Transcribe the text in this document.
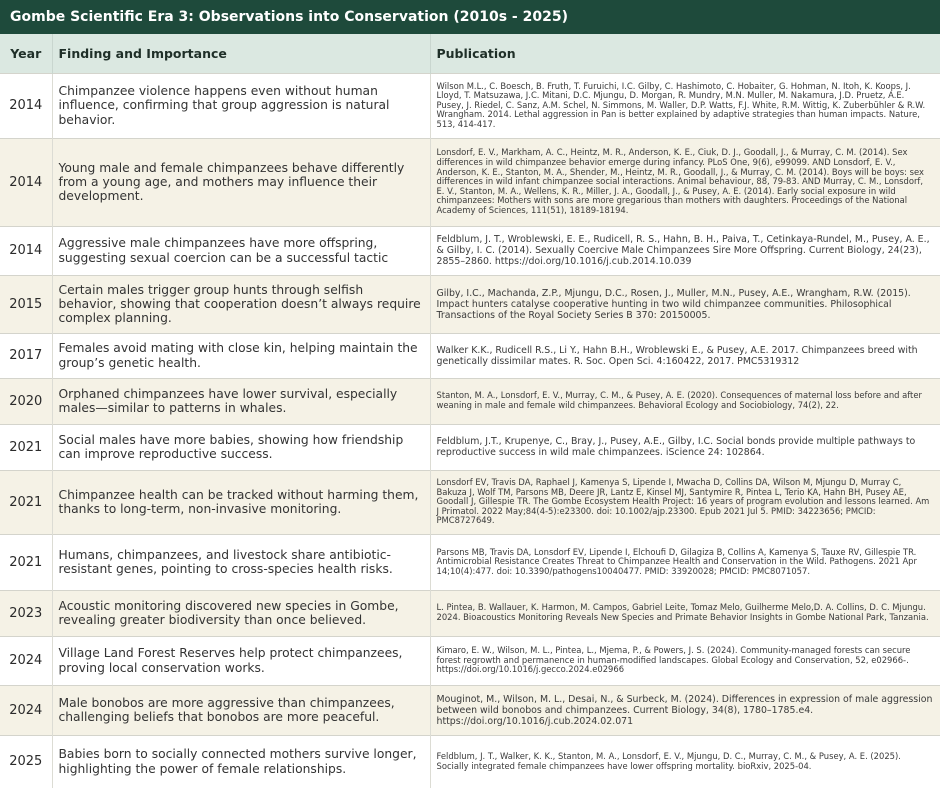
Gombe Scientific Era 3: Observations into Conservation (2010s - 2025)
Year	Finding and Importance	Publication
2014	Chimpanzee violence happens even without human influence, confirming that group aggression is natural behavior.	Wilson M.L., C. Boesch, B. Fruth, T. Furuichi, I.C. Gilby, C. Hashimoto, C. Hobaiter, G. Hohman, N. Itoh, K. Koops, J. Lloyd, T. Matsuzawa, J.C. Mitani, D.C. Mjungu, D. Morgan, R. Mundry, M.N. Muller, M. Nakamura, J.D. Pruetz, A.E. Pusey, J. Riedel, C. Sanz, A.M. Schel, N. Simmons, M. Waller, D.P. Watts, F.J. White, R.M. Wittig, K. Zuberbühler & R.W. Wrangham. 2014. Lethal aggression in Pan is better explained by adaptive strategies than human impacts. Nature, 513, 414-417.
2014	Young male and female chimpanzees behave differently from a young age, and mothers may influence their development.	Lonsdorf, E. V., Markham, A. C., Heintz, M. R., Anderson, K. E., Ciuk, D. J., Goodall, J., & Murray, C. M. (2014). Sex differences in wild chimpanzee behavior emerge during infancy. PLoS One, 9(6), e99099. AND Lonsdorf, E. V., Anderson, K. E., Stanton, M. A., Shender, M., Heintz, M. R., Goodall, J., & Murray, C. M. (2014). Boys will be boys: sex differences in wild infant chimpanzee social interactions. Animal behaviour, 88, 79-83. AND Murray, C. M., Lonsdorf, E. V., Stanton, M. A., Wellens, K. R., Miller, J. A., Goodall, J., & Pusey, A. E. (2014). Early social exposure in wild chimpanzees: Mothers with sons are more gregarious than mothers with daughters. Proceedings of the National Academy of Sciences, 111(51), 18189-18194.
2014	Aggressive male chimpanzees have more offspring, suggesting sexual coercion can be a successful tactic	Feldblum, J. T., Wroblewski, E. E., Rudicell, R. S., Hahn, B. H., Paiva, T., Cetinkaya-Rundel, M., Pusey, A. E., & Gilby, I. C. (2014). Sexually Coercive Male Chimpanzees Sire More Offspring. Current Biology, 24(23), 2855–2860. https://doi.org/10.1016/j.cub.2014.10.039
2015	Certain males trigger group hunts through selfish behavior, showing that cooperation doesn’t always require complex planning.	Gilby, I.C., Machanda, Z.P., Mjungu, D.C., Rosen, J., Muller, M.N., Pusey, A.E., Wrangham, R.W. (2015). Impact hunters catalyse cooperative hunting in two wild chimpanzee communities. Philosophical Transactions of the Royal Society Series B 370: 20150005.
2017	Females avoid mating with close kin, helping maintain the group’s genetic health.	Walker K.K., Rudicell R.S., Li Y., Hahn B.H., Wroblewski E., & Pusey, A.E. 2017. Chimpanzees breed with genetically dissimilar mates. R. Soc. Open Sci. 4:160422, 2017. PMC5319312
2020	Orphaned chimpanzees have lower survival, especially males—similar to patterns in whales.	Stanton, M. A., Lonsdorf, E. V., Murray, C. M., & Pusey, A. E. (2020). Consequences of maternal loss before and after weaning in male and female wild chimpanzees. Behavioral Ecology and Sociobiology, 74(2), 22.
2021	Social males have more babies, showing how friendship can improve reproductive success.	Feldblum, J.T., Krupenye, C., Bray, J., Pusey, A.E., Gilby, I.C. Social bonds provide multiple pathways to reproductive success in wild male chimpanzees. iScience 24: 102864.
2021	Chimpanzee health can be tracked without harming them, thanks to long-term, non-invasive monitoring.	Lonsdorf EV, Travis DA, Raphael J, Kamenya S, Lipende I, Mwacha D, Collins DA, Wilson M, Mjungu D, Murray C, Bakuza J, Wolf TM, Parsons MB, Deere JR, Lantz E, Kinsel MJ, Santymire R, Pintea L, Terio KA, Hahn BH, Pusey AE, Goodall J, Gillespie TR. The Gombe Ecosystem Health Project: 16 years of program evolution and lessons learned. Am J Primatol. 2022 May;84(4-5):e23300. doi: 10.1002/ajp.23300. Epub 2021 Jul 5. PMID: 34223656; PMCID: PMC8727649.
2021	Humans, chimpanzees, and livestock share antibiotic-resistant genes, pointing to cross-species health risks.	Parsons MB, Travis DA, Lonsdorf EV, Lipende I, Elchoufi D, Gilagiza B, Collins A, Kamenya S, Tauxe RV, Gillespie TR. Antimicrobial Resistance Creates Threat to Chimpanzee Health and Conservation in the Wild. Pathogens. 2021 Apr 14;10(4):477. doi: 10.3390/pathogens10040477. PMID: 33920028; PMCID: PMC8071057.
2023	Acoustic monitoring discovered new species in Gombe, revealing greater biodiversity than once believed.	L. Pintea, B. Wallauer, K. Harmon, M. Campos, Gabriel Leite, Tomaz Melo, Guilherme Melo,D. A. Collins, D. C. Mjungu. 2024. Bioacoustics Monitoring Reveals New Species and Primate Behavior Insights in Gombe National Park, Tanzania.
2024	Village Land Forest Reserves help protect chimpanzees, proving local conservation works.	Kimaro, E. W., Wilson, M. L., Pintea, L., Mjema, P., & Powers, J. S. (2024). Community-managed forests can secure forest regrowth and permanence in human-modified landscapes. Global Ecology and Conservation, 52, e02966-. https://doi.org/10.1016/j.gecco.2024.e02966
2024	Male bonobos are more aggressive than chimpanzees, challenging beliefs that bonobos are more peaceful.	Mouginot, M., Wilson, M. L., Desai, N., & Surbeck, M. (2024). Differences in expression of male aggression between wild bonobos and chimpanzees. Current Biology, 34(8), 1780–1785.e4. https://doi.org/10.1016/j.cub.2024.02.071
2025	Babies born to socially connected mothers survive longer, highlighting the power of female relationships.	Feldblum, J. T., Walker, K. K., Stanton, M. A., Lonsdorf, E. V., Mjungu, D. C., Murray, C. M., & Pusey, A. E. (2025). Socially integrated female chimpanzees have lower offspring mortality. bioRxiv, 2025-04.
